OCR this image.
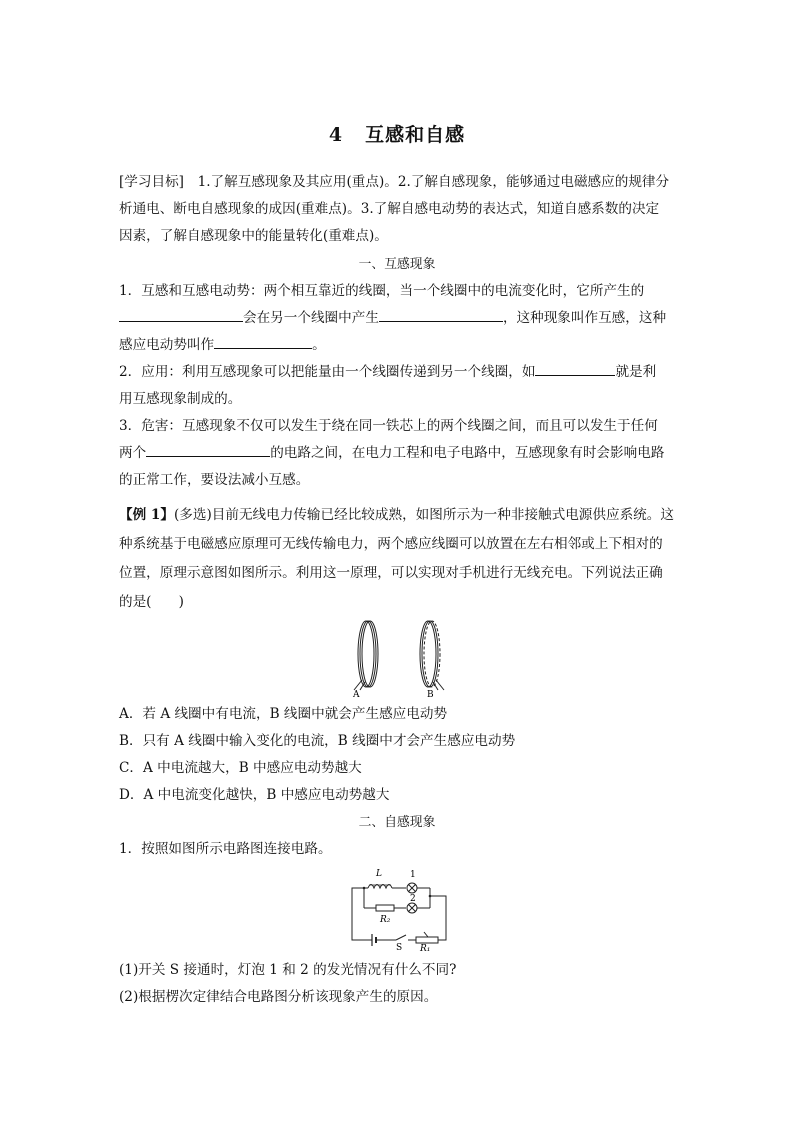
4 互感和自感
[学习目标]　1.了解互感现象及其应用(重点)。2.了解自感现象，能够通过电磁感应的规律分
析通电、断电自感现象的成因(重难点)。3.了解自感电动势的表达式，知道自感系数的决定
因素，了解自感现象中的能量转化(重难点)。
一、互感现象
1．互感和互感电动势：两个相互靠近的线圈，当一个线圈中的电流变化时，它所产生的
会在另一个线圈中产生	，这种现象叫作互感，这种
感应电动势叫作	。
2．应用：利用互感现象可以把能量由一个线圈传递到另一个线圈，如	就是利
用互感现象制成的。
3．危害：互感现象不仅可以发生于绕在同一铁芯上的两个线圈之间，而且可以发生于任何
两个	的电路之间，在电力工程和电子电路中，互感现象有时会影响电路
的正常工作，要设法减小互感。
【例 1】(多选)目前无线电力传输已经比较成熟，如图所示为一种非接触式电源供应系统。这
种系统基于电磁感应原理可无线传输电力，两个感应线圈可以放置在左右相邻或上下相对的
位置，原理示意图如图所示。利用这一原理，可以实现对手机进行无线充电。下列说法正确
的是(　　)
A	B
A．若 A 线圈中有电流，B 线圈中就会产生感应电动势
B．只有 A 线圈中输入变化的电流，B 线圈中才会产生感应电动势
C．A 中电流越大，B 中感应电动势越大
D．A 中电流变化越快，B 中感应电动势越大
二、自感现象
1．按照如图所示电路图连接电路。
L	1
2
R₂
S R₁
(1)开关 S 接通时，灯泡 1 和 2 的发光情况有什么不同?
(2)根据楞次定律结合电路图分析该现象产生的原因。
